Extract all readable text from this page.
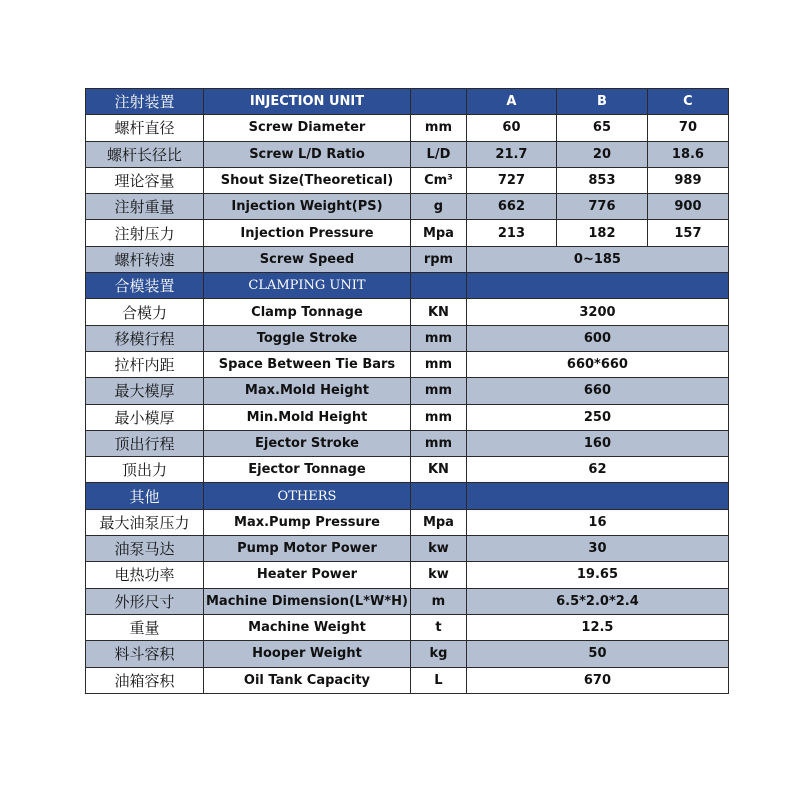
注射装置	INJECTION UNIT		A	B	C
螺杆直径	Screw Diameter	mm	60	65	70
螺杆长径比	Screw L/D Ratio	L/D	21.7	20	18.6
理论容量	Shout Size(Theoretical)	Cm³	727	853	989
注射重量	Injection Weight(PS)	g	662	776	900
注射压力	Injection Pressure	Mpa	213	182	157
螺杆转速	Screw Speed	rpm	0~185		
合模装置	CLAMPING UNIT				
合模力	Clamp Tonnage	KN	3200		
移模行程	Toggle Stroke	mm	600		
拉杆内距	Space Between Tie Bars	mm	660*660		
最大模厚	Max.Mold Height	mm	660		
最小模厚	Min.Mold Height	mm	250		
顶出行程	Ejector Stroke	mm	160		
顶出力	Ejector Tonnage	KN	62		
其他	OTHERS				
最大油泵压力	Max.Pump Pressure	Mpa	16		
油泵马达	Pump Motor Power	kw	30		
电热功率	Heater Power	kw	19.65		
外形尺寸	Machine Dimension(L*W*H)	m	6.5*2.0*2.4		
重量	Machine Weight	t	12.5		
料斗容积	Hooper Weight	kg	50		
油箱容积	Oil Tank Capacity	L	670		
